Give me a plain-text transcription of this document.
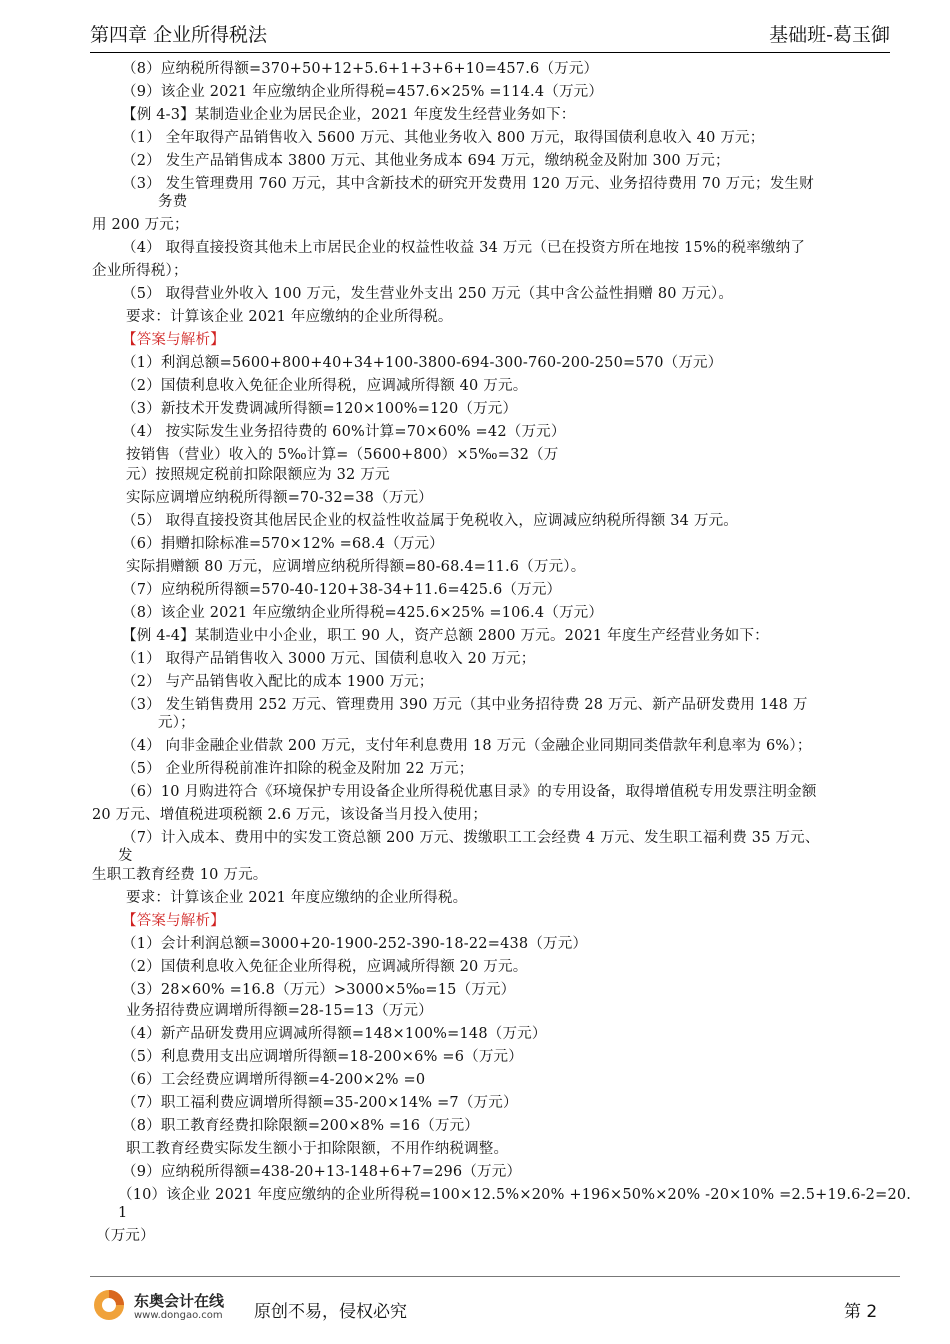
第四章 企业所得税法	基础班-葛玉御
（8）应纳税所得额=370+50+12+5.6+1+3+6+10=457.6（万元）
（9）该企业 2021 年应缴纳企业所得税=457.6×25% =114.4（万元）
【例 4-3】某制造业企业为居民企业，2021 年度发生经营业务如下：
（1） 全年取得产品销售收入 5600 万元、其他业务收入 800 万元，取得国债利息收入 40 万元；
（2） 发生产品销售成本 3800 万元、其他业务成本 694 万元，缴纳税金及附加 300 万元；
（3） 发生管理费用 760 万元，其中含新技术的研究开发费用 120 万元、业务招待费用 70 万元；发生财
务费
用 200 万元；
（4） 取得直接投资其他未上市居民企业的权益性收益 34 万元（已在投资方所在地按 15%的税率缴纳了
企业所得税）；
（5） 取得营业外收入 100 万元，发生营业外支出 250 万元（其中含公益性捐赠 80 万元）。
要求：计算该企业 2021 年应缴纳的企业所得税。
【答案与解析】
（1）利润总额=5600+800+40+34+100-3800-694-300-760-200-250=570（万元）
（2）国债利息收入免征企业所得税，应调减所得额 40 万元。
（3）新技术开发费调减所得额=120×100%=120（万元）
（4） 按实际发生业务招待费的 60%计算=70×60% =42（万元）
按销售（营业）收入的 5‰计算=（5600+800）×5‰=32（万
元）按照规定税前扣除限额应为 32 万元
实际应调增应纳税所得额=70-32=38（万元）
（5） 取得直接投资其他居民企业的权益性收益属于免税收入，应调减应纳税所得额 34 万元。
（6）捐赠扣除标准=570×12% =68.4（万元）
实际捐赠额 80 万元，应调增应纳税所得额=80-68.4=11.6（万元）。
（7）应纳税所得额=570-40-120+38-34+11.6=425.6（万元）
（8）该企业 2021 年应缴纳企业所得税=425.6×25% =106.4（万元）
【例 4-4】某制造业中小企业，职工 90 人，资产总额 2800 万元。2021 年度生产经营业务如下：
（1） 取得产品销售收入 3000 万元、国债利息收入 20 万元；
（2） 与产品销售收入配比的成本 1900 万元；
（3） 发生销售费用 252 万元、管理费用 390 万元（其中业务招待费 28 万元、新产品研发费用 148 万
元）；
（4） 向非金融企业借款 200 万元，支付年利息费用 18 万元（金融企业同期同类借款年利息率为 6%）；
（5） 企业所得税前准许扣除的税金及附加 22 万元；
（6）10 月购进符合《环境保护专用设备企业所得税优惠目录》的专用设备，取得增值税专用发票注明金额
20 万元、增值税进项税额 2.6 万元，该设备当月投入使用；
（7）计入成本、费用中的实发工资总额 200 万元、拨缴职工工会经费 4 万元、发生职工福利费 35 万元、
发
生职工教育经费 10 万元。
要求：计算该企业 2021 年度应缴纳的企业所得税。
【答案与解析】
（1）会计利润总额=3000+20-1900-252-390-18-22=438（万元）
（2）国债利息收入免征企业所得税，应调减所得额 20 万元。
（3）28×60% =16.8（万元）>3000×5‰=15（万元）
业务招待费应调增所得额=28-15=13（万元）
（4）新产品研发费用应调减所得额=148×100%=148（万元）
（5）利息费用支出应调增所得额=18-200×6% =6（万元）
（6）工会经费应调增所得额=4-200×2% =0
（7）职工福利费应调增所得额=35-200×14% =7（万元）
（8）职工教育经费扣除限额=200×8% =16（万元）
职工教育经费实际发生额小于扣除限额，不用作纳税调整。
（9）应纳税所得额=438-20+13-148+6+7=296（万元）
（10）该企业 2021 年度应缴纳的企业所得税=100×12.5%×20% +196×50%×20% -20×10% =2.5+19.6-2=20.
1
（万元）
东奥会计在线
www.dongao.com 原创不易，侵权必究	第 2
